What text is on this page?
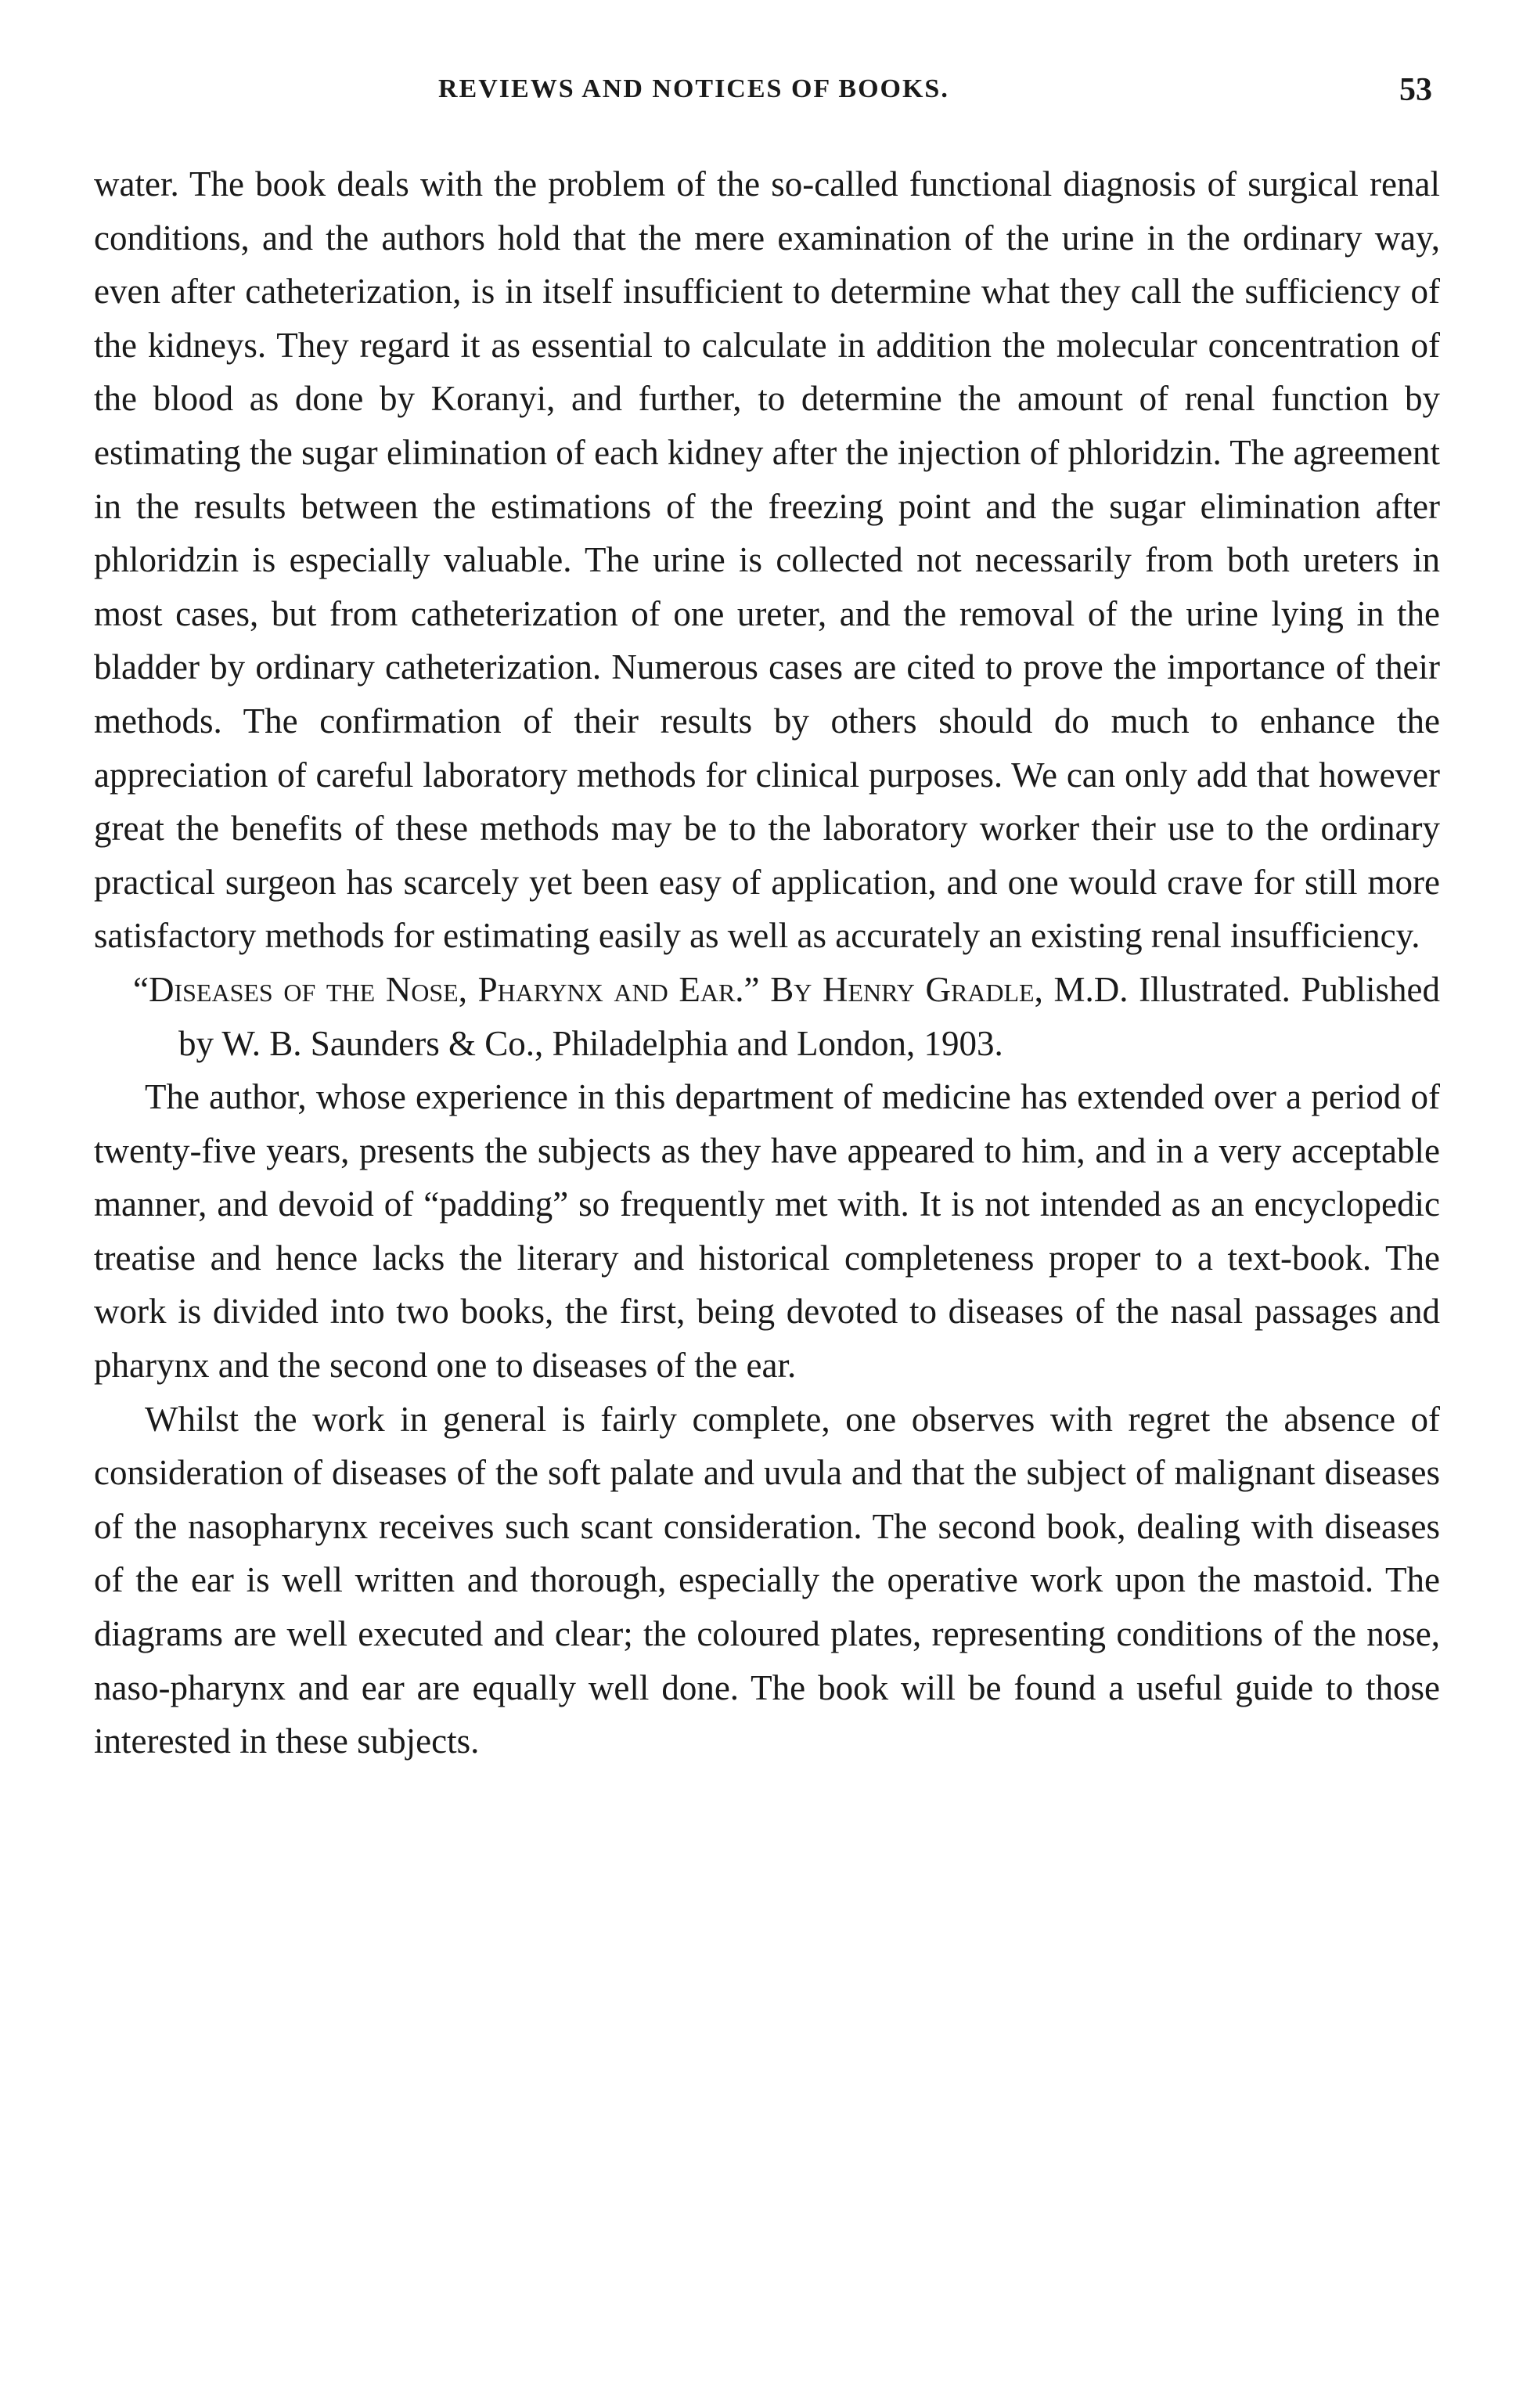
REVIEWS AND NOTICES OF BOOKS.	53

water. The book deals with the problem of the so-called functional diagnosis of surgical renal conditions, and the authors hold that the mere examination of the urine in the ordinary way, even after catheterization, is in itself insufficient to determine what they call the sufficiency of the kidneys. They regard it as essential to calculate in addition the molecular concentration of the blood as done by Koranyi, and further, to determine the amount of renal function by estimating the sugar elimination of each kidney after the injection of phloridzin. The agreement in the results between the estimations of the freezing point and the sugar elimination after phloridzin is especially valuable. The urine is collected not necessarily from both ureters in most cases, but from catheterization of one ureter, and the removal of the urine lying in the bladder by ordinary catheterization. Numerous cases are cited to prove the importance of their methods. The confirmation of their results by others should do much to enhance the appreciation of careful laboratory methods for clinical purposes. We can only add that however great the benefits of these methods may be to the laboratory worker their use to the ordinary practical surgeon has scarcely yet been easy of application, and one would crave for still more satisfactory methods for estimating easily as well as accurately an existing renal insufficiency.

“Diseases of the Nose, Pharynx and Ear.” By Henry Gradle, M.D. Illustrated. Published by W. B. Saunders & Co., Philadelphia and London, 1903.

The author, whose experience in this department of medicine has extended over a period of twenty-five years, presents the subjects as they have appeared to him, and in a very acceptable manner, and devoid of “padding” so frequently met with. It is not intended as an encyclopedic treatise and hence lacks the literary and historical completeness proper to a text-book. The work is divided into two books, the first, being devoted to diseases of the nasal passages and pharynx and the second one to diseases of the ear.

Whilst the work in general is fairly complete, one observes with regret the absence of consideration of diseases of the soft palate and uvula and that the subject of malignant diseases of the nasopharynx receives such scant consideration. The second book, dealing with diseases of the ear is well written and thorough, especially the operative work upon the mastoid. The diagrams are well executed and clear; the coloured plates, representing conditions of the nose, naso-pharynx and ear are equally well done. The book will be found a useful guide to those interested in these subjects.
